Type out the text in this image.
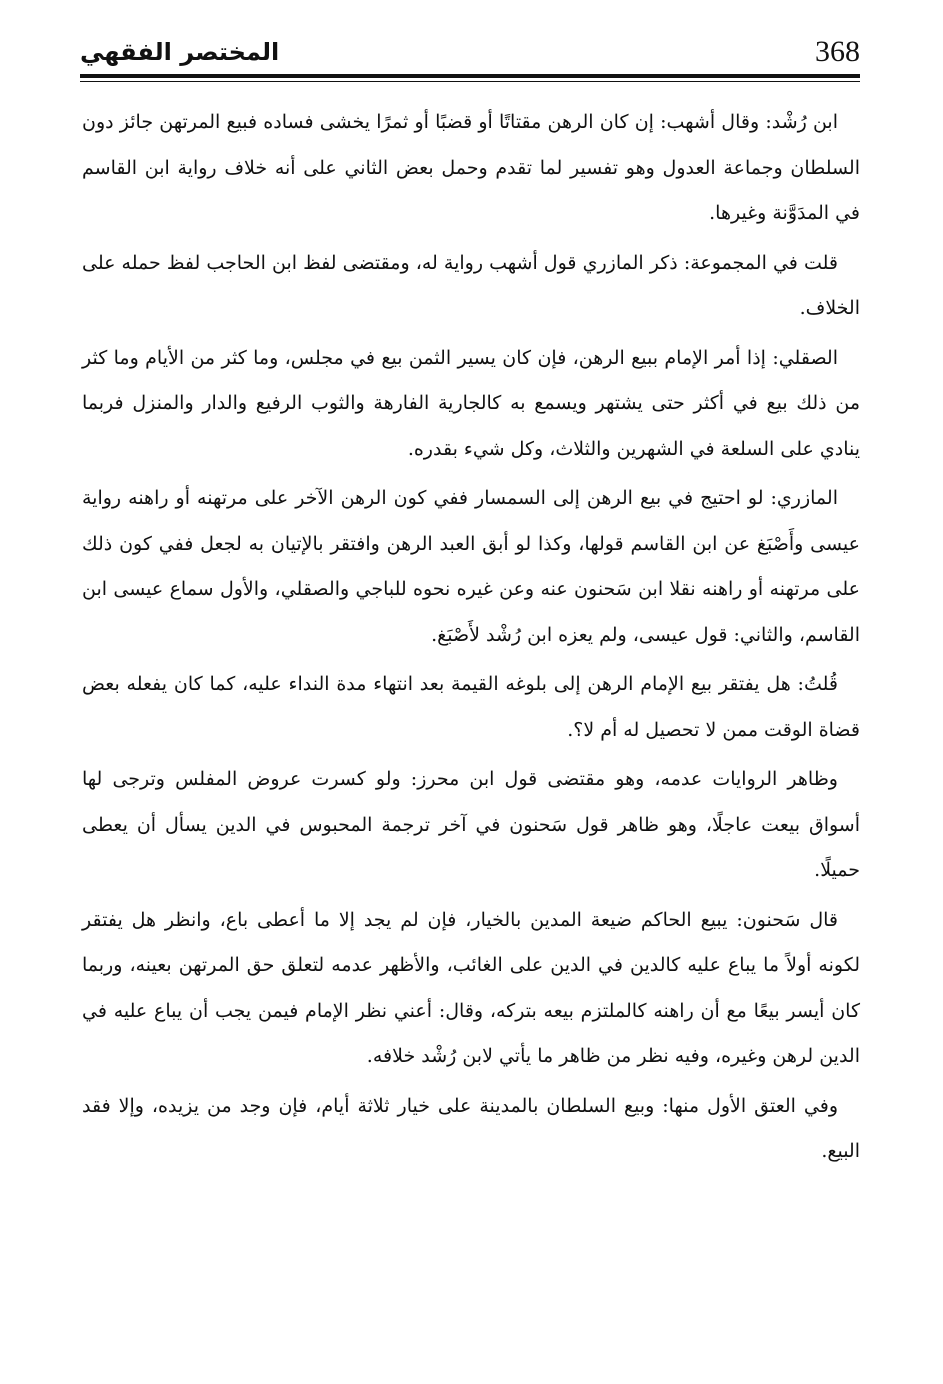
المختصر الفقهي	368

ابن رُشْد: وقال أشهب: إن كان الرهن مقتاتًا أو قضبًا أو ثمرًا يخشى فساده فبيع المرتهن جائز دون السلطان وجماعة العدول وهو تفسير لما تقدم وحمل بعض الثاني على أنه خلاف رواية ابن القاسم في المدَوَّنة وغيرها.

قلت في المجموعة: ذكر المازري قول أشهب رواية له، ومقتضى لفظ ابن الحاجب لفظ حمله على الخلاف.

الصقلي: إذا أمر الإمام ببيع الرهن، فإن كان يسير الثمن بيع في مجلس، وما كثر من الأيام وما كثر من ذلك بيع في أكثر حتى يشتهر ويسمع به كالجارية الفارهة والثوب الرفيع والدار والمنزل فربما ينادي على السلعة في الشهرين والثلاث، وكل شيء بقدره.

المازري: لو احتيج في بيع الرهن إلى السمسار ففي كون الرهن الآخر على مرتهنه أو راهنه رواية عيسى وأَصْبَغ عن ابن القاسم قولها، وكذا لو أبق العبد الرهن وافتقر بالإتيان به لجعل ففي كون ذلك على مرتهنه أو راهنه نقلا ابن سَحنون عنه وعن غيره نحوه للباجي والصقلي، والأول سماع عيسى ابن القاسم، والثاني: قول عيسى، ولم يعزه ابن رُشْد لأَصْبَغ.

قُلتُ: هل يفتقر بيع الإمام الرهن إلى بلوغه القيمة بعد انتهاء مدة النداء عليه، كما كان يفعله بعض قضاة الوقت ممن لا تحصيل له أم لا؟.

وظاهر الروايات عدمه، وهو مقتضى قول ابن محرز: ولو كسرت عروض المفلس وترجى لها أسواق بيعت عاجلًا، وهو ظاهر قول سَحنون في آخر ترجمة المحبوس في الدين يسأل أن يعطى حميلًا.

قال سَحنون: يبيع الحاكم ضيعة المدين بالخيار، فإن لم يجد إلا ما أعطى باع، وانظر هل يفتقر لكونه أولاً ما يباع عليه كالدين في الدين على الغائب، والأظهر عدمه لتعلق حق المرتهن بعينه، وربما كان أيسر بيعًا مع أن راهنه كالملتزم بيعه بتركه، وقال: أعني نظر الإمام فيمن يجب أن يباع عليه في الدين لرهن وغيره، وفيه نظر من ظاهر ما يأتي لابن رُشْد خلافه.

وفي العتق الأول منها: وبيع السلطان بالمدينة على خيار ثلاثة أيام، فإن وجد من يزيده، وإلا فقد البيع.
